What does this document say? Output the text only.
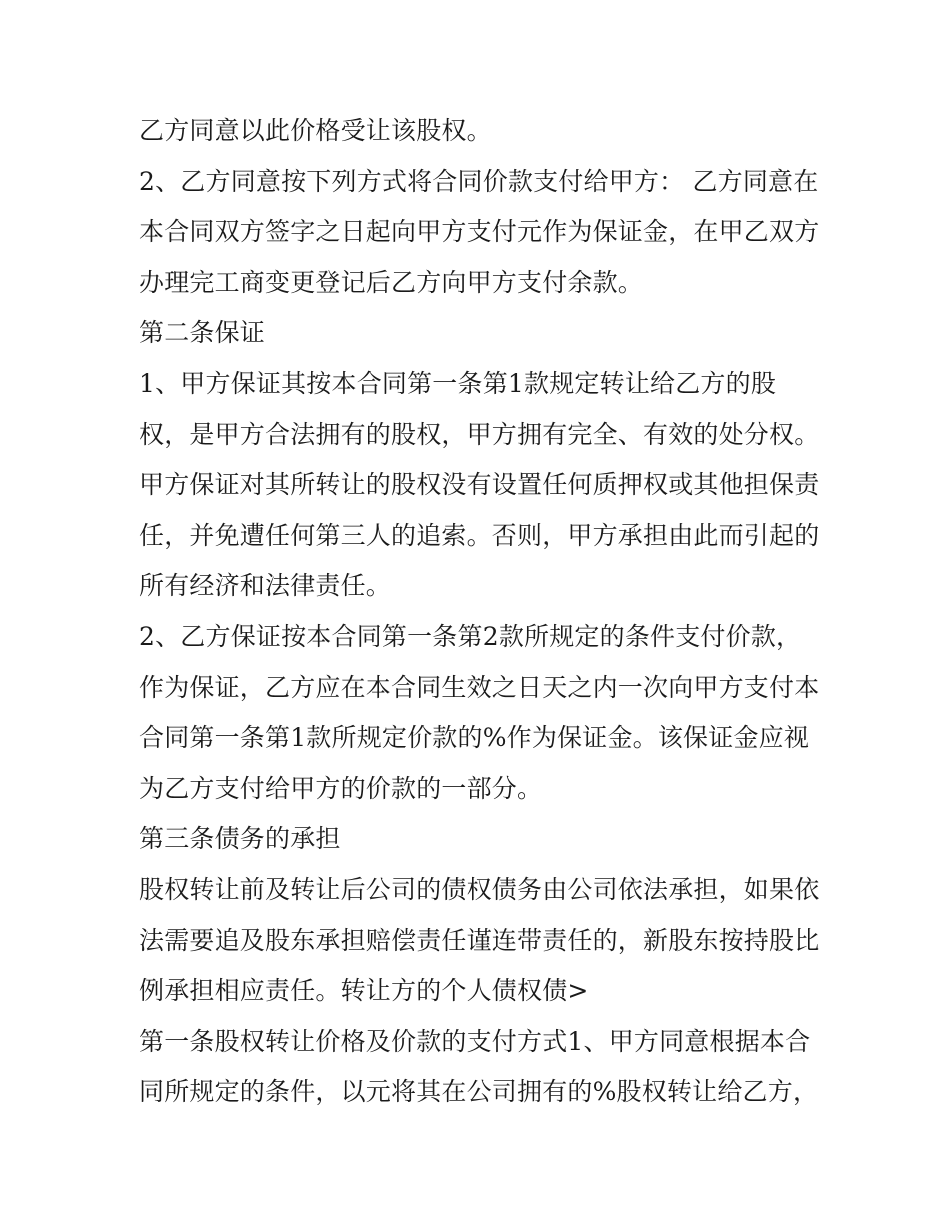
乙方同意以此价格受让该股权。
2、乙方同意按下列方式将合同价款支付给甲方： 乙方同意在
本合同双方签字之日起向甲方支付元作为保证金，在甲乙双方
办理完工商变更登记后乙方向甲方支付余款。
第二条保证
1、甲方保证其按本合同第一条第1款规定转让给乙方的股
权，是甲方合法拥有的股权，甲方拥有完全、有效的处分权。
甲方保证对其所转让的股权没有设置任何质押权或其他担保责
任，并免遭任何第三人的追索。否则，甲方承担由此而引起的
所有经济和法律责任。
2、乙方保证按本合同第一条第2款所规定的条件支付价款，
作为保证，乙方应在本合同生效之日天之内一次向甲方支付本
合同第一条第1款所规定价款的%作为保证金。该保证金应视
为乙方支付给甲方的价款的一部分。
第三条债务的承担
股权转让前及转让后公司的债权债务由公司依法承担，如果依
法需要追及股东承担赔偿责任谨连带责任的，新股东按持股比
例承担相应责任。转让方的个人债权债>
第一条股权转让价格及价款的支付方式1、甲方同意根据本合
同所规定的条件，以元将其在公司拥有的%股权转让给乙方，
